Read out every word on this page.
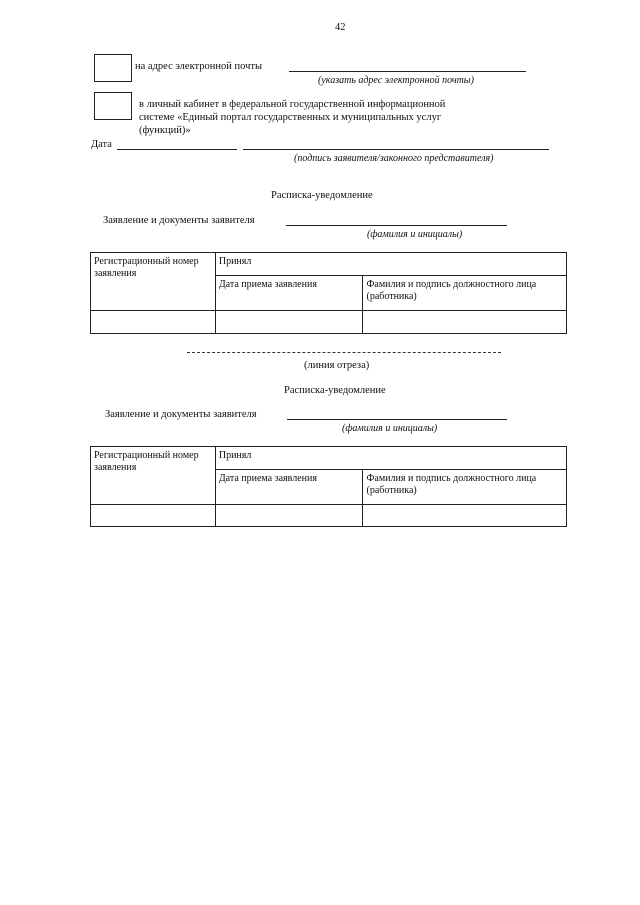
42
на адрес электронной почты
(указать адрес электронной почты)
в личный кабинет в федеральной государственной информационной
системе «Единый портал государственных и муниципальных услуг
(функций)»
Дата
(подпись заявителя/законного представителя)
Расписка-уведомление
Заявление и документы заявителя
(фамилия и инициалы)
Регистрационный номер заявления	Принял	
	Дата приема заявления	Фамилия и подпись должностного лица (работника)

(линия отреза)
Расписка-уведомление
Заявление и документы заявителя
(фамилия и инициалы)
Регистрационный номер заявления	Принял	
	Дата приема заявления	Фамилия и подпись должностного лица (работника)
